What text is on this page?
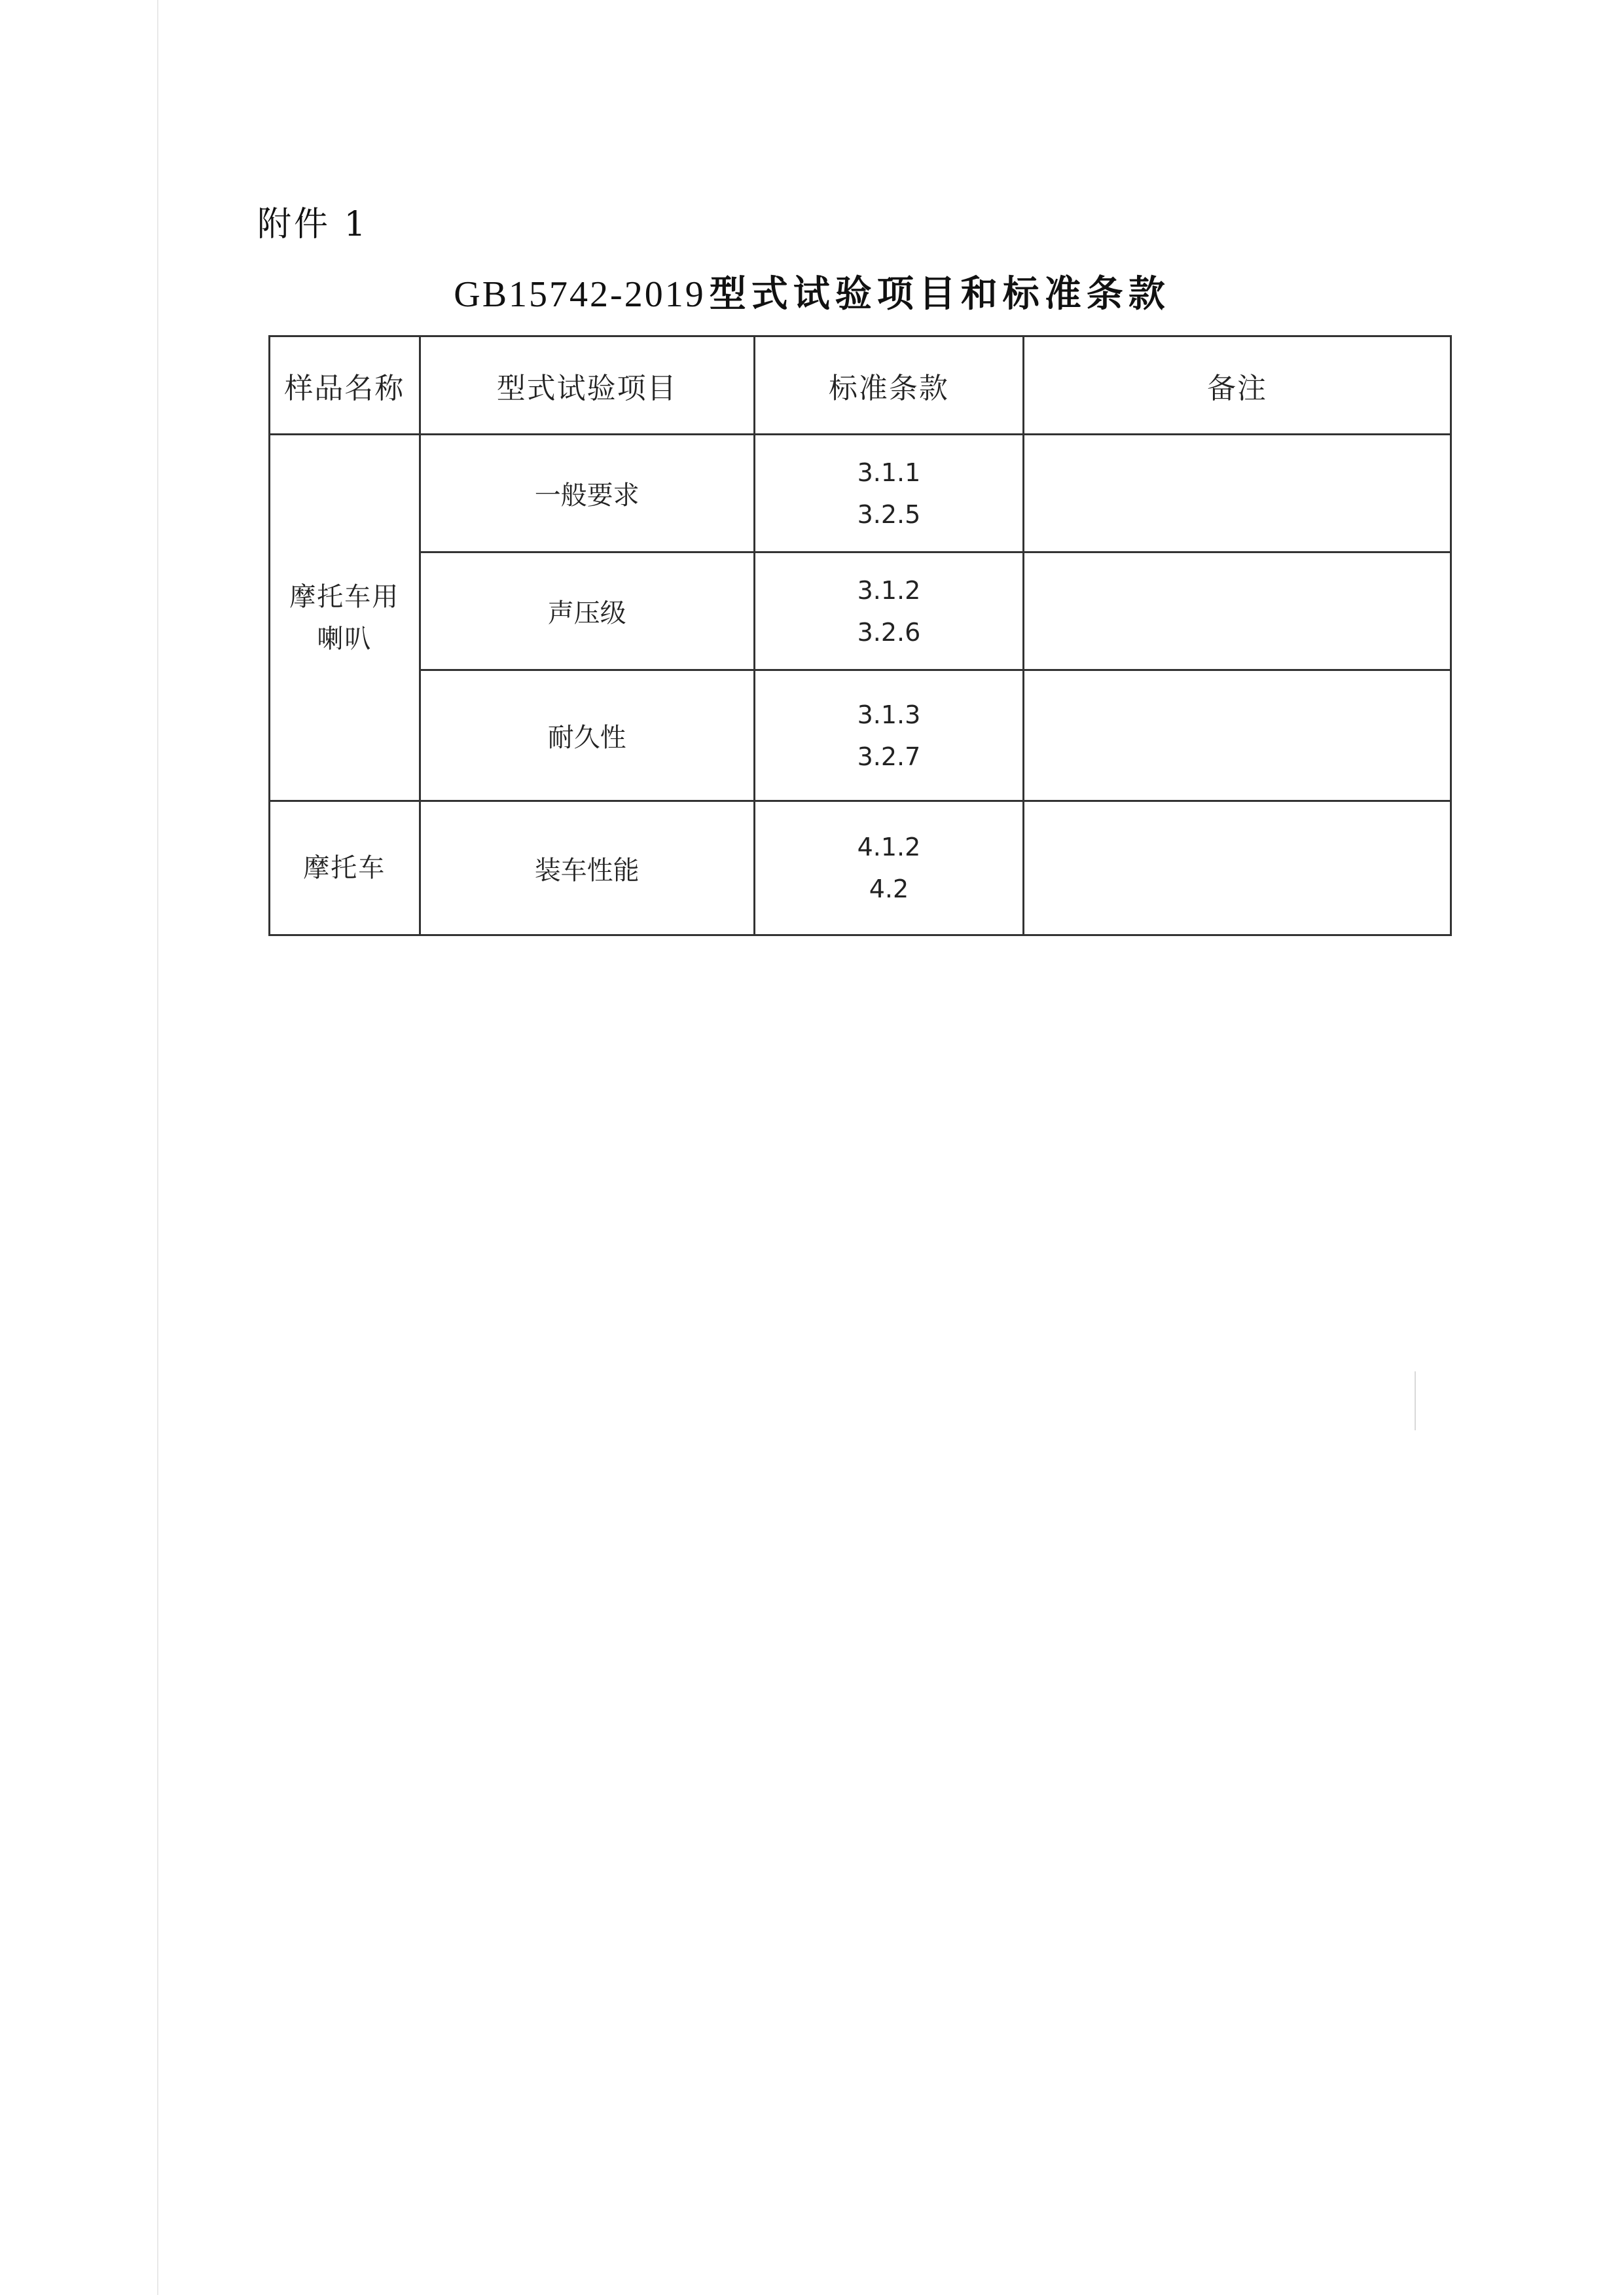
附件 1
GB15742-2019 型式试验项目和标准条款
样品名称	型式试验项目	标准条款	备注

摩托车用
喇叭	一般要求	3.1.1
3.2.5	

	声压级	3.1.2
3.2.6	

	耐久性	3.1.3
3.2.7	

摩托车	装车性能	4.1.2
4.2	
